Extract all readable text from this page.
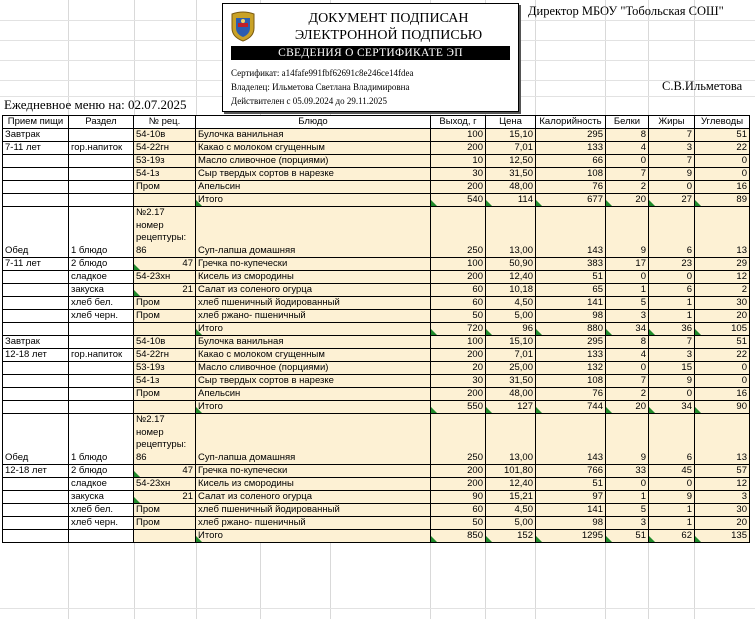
ДОКУМЕНТ ПОДПИСАН
ЭЛЕКТРОННОЙ ПОДПИСЬЮ
СВЕДЕНИЯ О СЕРТИФИКАТЕ ЭП
Сертификат: a14fafe991fbf62691c8e246ce14fdea
Владелец: Ильметова Светлана Владимировна
Действителен с 05.09.2024 до 29.11.2025
Директор МБОУ "Тобольская СОШ"
С.В.Ильметова
Ежедневное меню на: 02.07.2025
Прием пищи	Раздел	№ рец.	Блюдо	Выход, г	Цена	Калорийность	Белки	Жиры	Углеводы
Завтрак		54-10в	Булочка ванильная	100	15,10	295	8	7	51
7-11 лет	гор.напиток	54-22гн	Какао с молоком сгущенным	200	7,01	133	4	3	22
		53-19з	Масло сливочное (порциями)	10	12,50	66	0	7	0
		54-1з	Сыр твердых сортов в нарезке	30	31,50	108	7	9	0
		Пром	Апельсин	200	48,00	76	2	0	16
			Итого	540	114	677	20	27	89

Обед	1 блюдо	№2.17 номер рецептуры: 86	Суп-лапша домашняя	250	13,00	143	9	6	13
7-11 лет	2 блюдо	47	Гречка по-купечески	100	50,90	383	17	23	29
	сладкое	54-23хн	Кисель из смородины	200	12,40	51	0	0	12
	закуска	21	Салат из соленого огурца	60	10,18	65	1	6	2
	хлеб бел.	Пром	хлеб пшеничный йодированный	60	4,50	141	5	1	30
	хлеб черн.	Пром	хлеб ржано- пшеничный	50	5,00	98	3	1	20
			Итого	720	96	880	34	36	105

Завтрак		54-10в	Булочка ванильная	100	15,10	295	8	7	51
12-18 лет	гор.напиток	54-22гн	Какао с молоком сгущенным	200	7,01	133	4	3	22
		53-19з	Масло сливочное (порциями)	20	25,00	132	0	15	0
		54-1з	Сыр твердых сортов в нарезке	30	31,50	108	7	9	0
		Пром	Апельсин	200	48,00	76	2	0	16
			Итого	550	127	744	20	34	90

Обед	1 блюдо	№2.17 номер рецептуры: 86	Суп-лапша домашняя	250	13,00	143	9	6	13
12-18 лет	2 блюдо	47	Гречка по-купечески	200	101,80	766	33	45	57
	сладкое	54-23хн	Кисель из смородины	200	12,40	51	0	0	12
	закуска	21	Салат из соленого огурца	90	15,21	97	1	9	3
	хлеб бел.	Пром	хлеб пшеничный йодированный	60	4,50	141	5	1	30
	хлеб черн.	Пром	хлеб ржано- пшеничный	50	5,00	98	3	1	20
			Итого	850	152	1295	51	62	135
